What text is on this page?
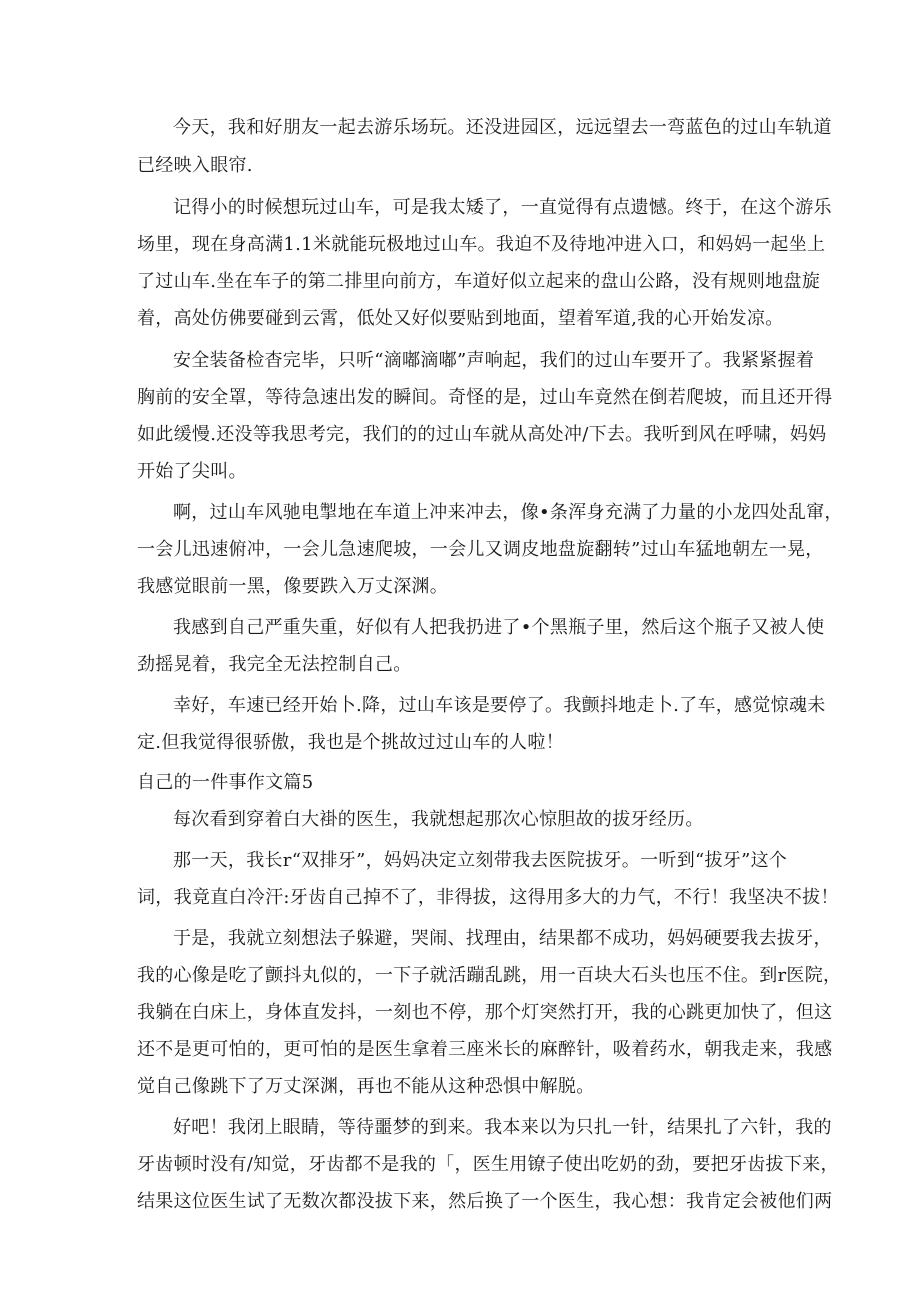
今天，我和好朋友一起去游乐场玩。还没进园区，远远望去一弯蓝色的过山车轨道
已经映入眼帘.
记得小的时候想玩过山车，可是我太矮了，一直觉得有点遗憾。终于，在这个游乐
场里，现在身高满1.1米就能玩极地过山车。我迫不及待地冲进入口，和妈妈一起坐上
了过山车.坐在车子的第二排里向前方，车道好似立起来的盘山公路，没有规则地盘旋
着，高处仿佛要碰到云霄，低处又好似要贴到地面，望着军道,我的心开始发凉。
安全装备检杳完毕，只听“滴嘟滴嘟”声响起，我们的过山车要开了。我紧紧握着
胸前的安全罩，等待急速出发的瞬间。奇怪的是，过山车竟然在倒若爬坡，而且还开得
如此缓慢.还没等我思考完，我们的的过山车就从高处冲/下去。我听到风在呼啸，妈妈
开始了尖叫。
啊，过山车风驰电掣地在车道上冲来冲去，像•条浑身充满了力量的小龙四处乱窜，
一会儿迅速俯冲，一会儿急速爬坡，一会儿又调皮地盘旋翻转”过山车猛地朝左一晃，
我感觉眼前一黑，像要跌入万丈深渊。
我感到自己严重失重，好似有人把我扔进了•个黑瓶子里，然后这个瓶子又被人使
劲摇晃着，我完全无法控制自己。
幸好，车速已经开始卜.降，过山车该是要停了。我颤抖地走卜.了车，感觉惊魂未
定.但我觉得很骄傲，我也是个挑故过过山车的人啦！
自己的一件事作文篇5
每次看到穿着白大褂的医生，我就想起那次心惊胆故的拔牙经历。
那一天，我长r“双排牙”，妈妈决定立刻带我去医院拔牙。一听到“拔牙”这个
词，我竟直白冷汗:牙齿自己掉不了，非得拔，这得用多大的力气，不行！我坚决不拔！
于是，我就立刻想法子躲避，哭闹、找理由，结果都不成功，妈妈硬要我去拔牙，
我的心像是吃了颤抖丸似的，一下子就活蹦乱跳，用一百块大石头也压不住。到r医院，
我躺在白床上，身体直发抖，一刻也不停，那个灯突然打开，我的心跳更加快了，但这
还不是更可怕的，更可怕的是医生拿着三座米长的麻醉针，吸着药水，朝我走来，我感
觉自己像跳下了万丈深渊，再也不能从这种恐惧中解脱。
好吧！我闭上眼睛，等待噩梦的到来。我本来以为只扎一针，结果扎了六针，我的
牙齿顿时没有/知觉，牙齿都不是我的「，医生用镣子使出吃奶的劲，要把牙齿拔下来，
结果这位医生试了无数次都没拔下来，然后换了一个医生，我心想：我肯定会被他们两
